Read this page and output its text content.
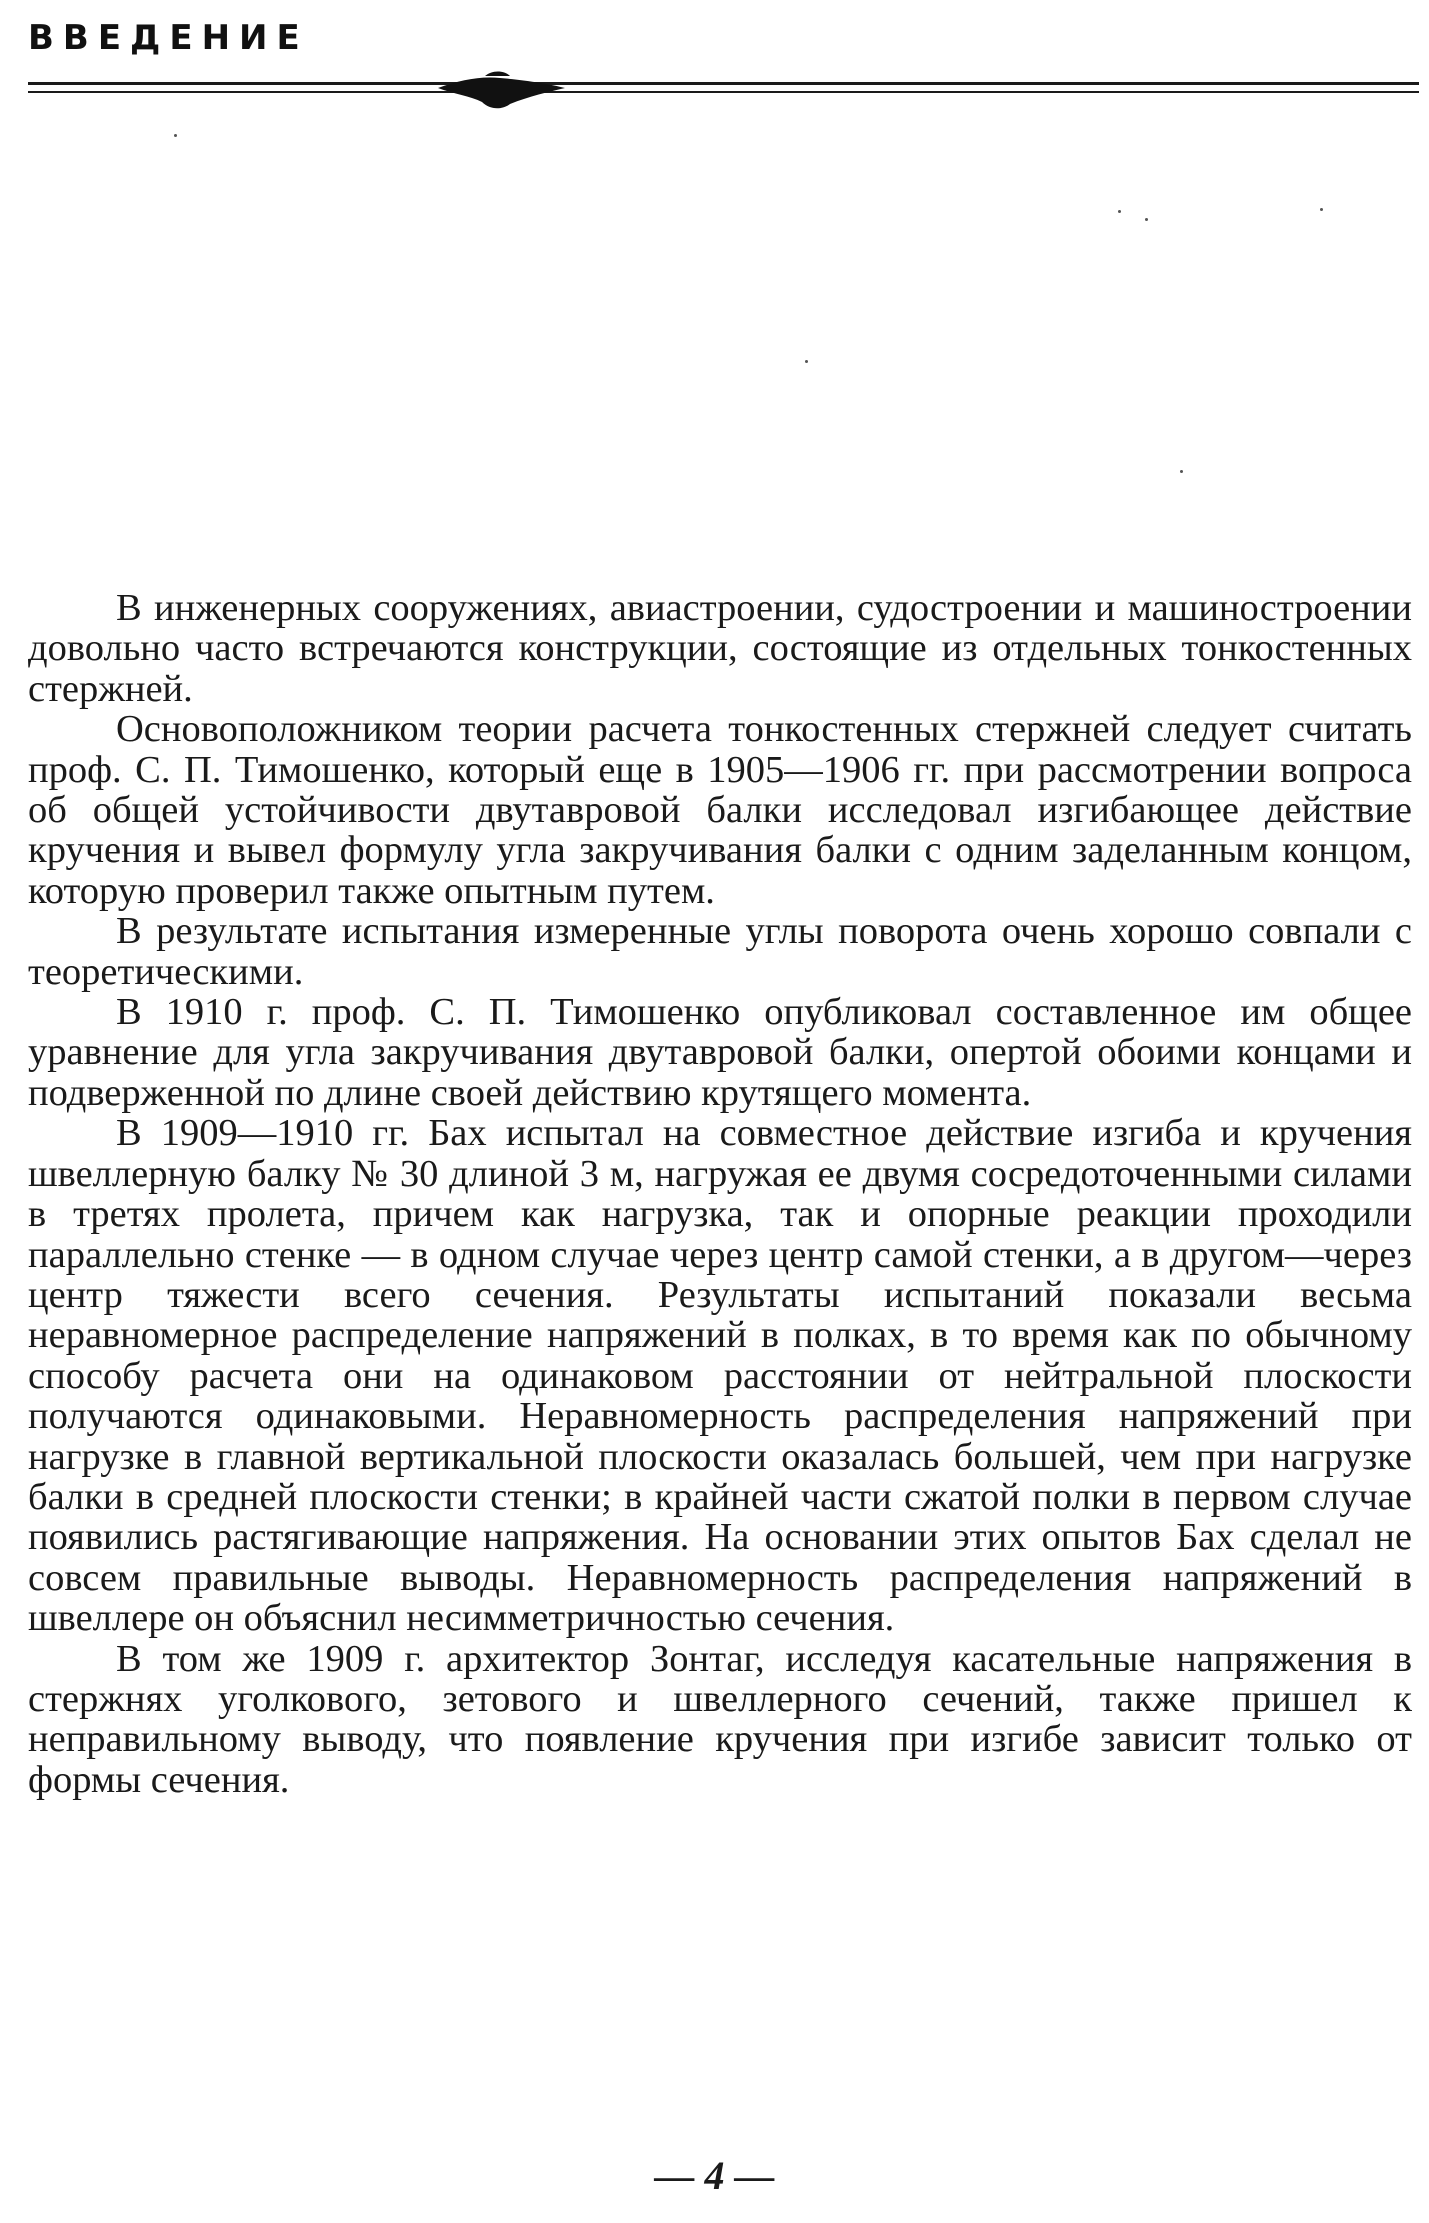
ВВЕДЕНИЕ

В инженерных сооружениях, авиастроении, судостроении и машиностроении довольно часто встречаются конструкции, состоящие из отдельных тонкостенных стержней.

Основоположником теории расчета тонкостенных стержней следует считать проф. С. П. Тимошенко, который еще в 1905—1906 гг. при рассмотрении вопроса об общей устойчивости двутавровой балки исследовал изгибающее действие кручения и вывел формулу угла закручивания балки с одним заделанным концом, которую проверил также опытным путем.

В результате испытания измеренные углы поворота очень хорошо совпали с теоретическими.

В 1910 г. проф. С. П. Тимошенко опубликовал составленное им общее уравнение для угла закручивания двутавровой балки, опертой обоими концами и подверженной по длине своей действию крутящего момента.

В 1909—1910 гг. Бах испытал на совместное действие изгиба и кручения швеллерную балку № 30 длиной 3 м, нагружая ее двумя сосредоточенными силами в третях пролета, причем как нагрузка, так и опорные реакции проходили параллельно стенке — в одном случае через центр самой стенки, а в другом—через центр тяжести всего сечения. Результаты испытаний показали весьма неравномерное распределение напряжений в полках, в то время как по обычному способу расчета они на одинаковом расстоянии от нейтральной плоскости получаются одинаковыми. Неравномерность распределения напряжений при нагрузке в главной вертикальной плоскости оказалась большей, чем при нагрузке балки в средней плоскости стенки; в крайней части сжатой полки в первом случае появились растягивающие напряжения. На основании этих опытов Бах сделал не совсем правильные выводы. Неравномерность распределения напряжений в швеллере он объяснил несимметричностью сечения.

В том же 1909 г. архитектор Зонтаг, исследуя касательные напряжения в стержнях уголкового, зетового и швеллерного сечений, также пришел к неправильному выводу, что появление кручения при изгибе зависит только от формы сечения.

— 4 —
